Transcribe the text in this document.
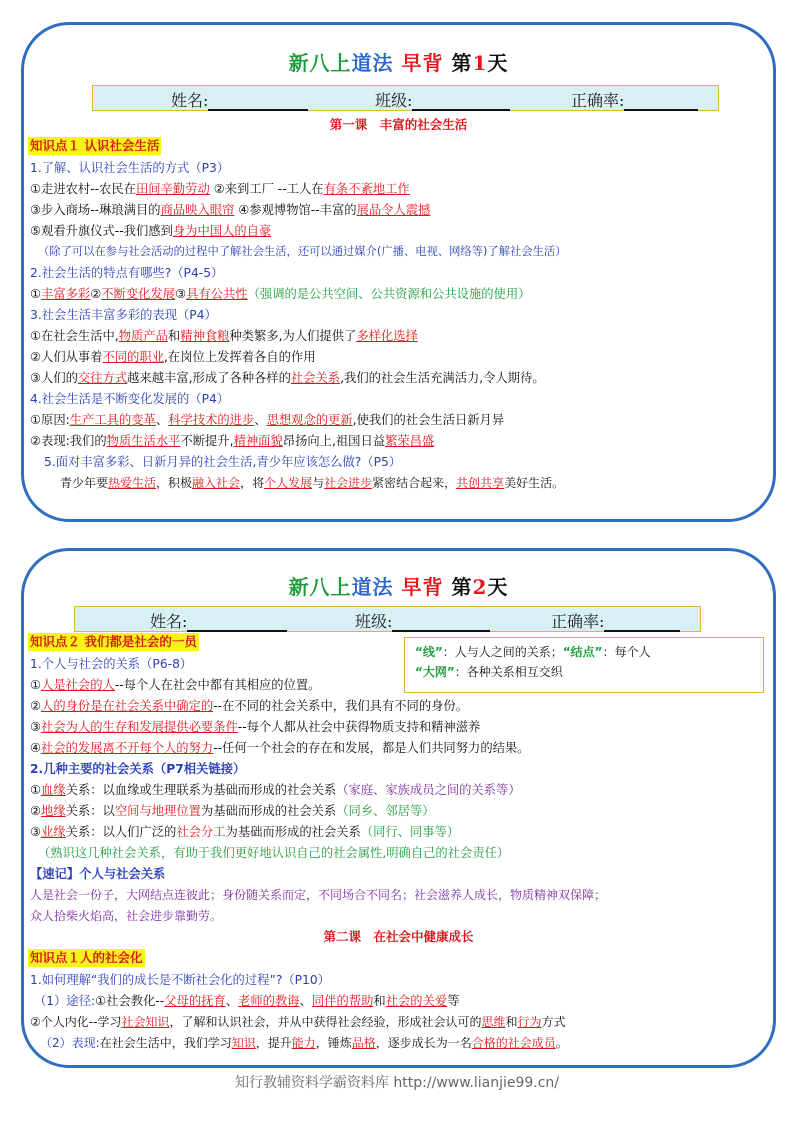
新八上道法 早背 第1天
姓名:	班级:	正确率:
第一课　丰富的社会生活
知识点１ 认识社会生活
1.了解、认识社会生活的方式（P3）
①走进农村--农民在田间辛勤劳动 ②来到工厂 --工人在有条不紊地工作
③步入商场--琳琅满目的商品映入眼帘 ④参观博物馆--丰富的展品令人震撼
⑤观看升旗仪式--我们感到身为中国人的自豪
（除了可以在参与社会活动的过程中了解社会生活，还可以通过媒介(广播、电视、网络等)了解社会生活）
2.社会生活的特点有哪些?（P4-5）
①丰富多彩②不断变化发展③具有公共性（强调的是公共空间、公共资源和公共设施的使用）
3.社会生活丰富多彩的表现（P4）
①在社会生活中,物质产品和精神食粮种类繁多,为人们提供了多样化选择
②人们从事着不同的职业,在岗位上发挥着各自的作用
③人们的交往方式越来越丰富,形成了各种各样的社会关系,我们的社会生活充满活力,令人期待。
4.社会生活是不断变化发展的（P4）
①原因:生产工具的变革、科学技术的进步、思想观念的更新,使我们的社会生活日新月异
②表现:我们的物质生活水平不断提升,精神面貌昂扬向上,祖国日益繁荣昌盛
5.面对丰富多彩、日新月异的社会生活,青少年应该怎么做?（P5）
青少年要热爱生活，积极融入社会，将个人发展与社会进步紧密结合起来，共创共享美好生活。
新八上道法 早背 第2天
姓名:	班级:	正确率:
知识点２ 我们都是社会的一员
“线”：人与人之间的关系；“结点”：每个人
“大网”：各种关系相互交织
1.个人与社会的关系（P6-8）
①人是社会的人--每个人在社会中都有其相应的位置。
②人的身份是在社会关系中确定的--在不同的社会关系中，我们具有不同的身份。
③社会为人的生存和发展提供必要条件--每个人都从社会中获得物质支持和精神滋养
④社会的发展离不开每个人的努力--任何一个社会的存在和发展，都是人们共同努力的结果。
2.几种主要的社会关系（P7相关链接）
①血缘关系：以血缘或生理联系为基础而形成的社会关系（家庭、家族成员之间的关系等）
②地缘关系：以空间与地理位置为基础而形成的社会关系（同乡、邻居等）
③业缘关系：以人们广泛的社会分工为基础而形成的社会关系（同行、同事等）
（熟识这几种社会关系，有助于我们更好地认识自己的社会属性,明确自己的社会责任）
【速记】个人与社会关系
人是社会一份子，大网结点连彼此；身份随关系而定，不同场合不同名；社会滋养人成长，物质精神双保障；
众人拾柴火焰高，社会进步靠勤劳。
第二课　在社会中健康成长
知识点１人的社会化
1.如何理解“我们的成长是不断社会化的过程”?（P10）
（1）途径:①社会教化--父母的抚育、老师的教诲、同伴的帮助和社会的关爱等
②个人内化--学习社会知识，了解和认识社会，并从中获得社会经验，形成社会认可的思维和行为方式
（2）表现:在社会生活中，我们学习知识，提升能力，锤炼品格，逐步成长为一名合格的社会成员。
知行教辅资料学霸资料库 http://www.lianjie99.cn/
